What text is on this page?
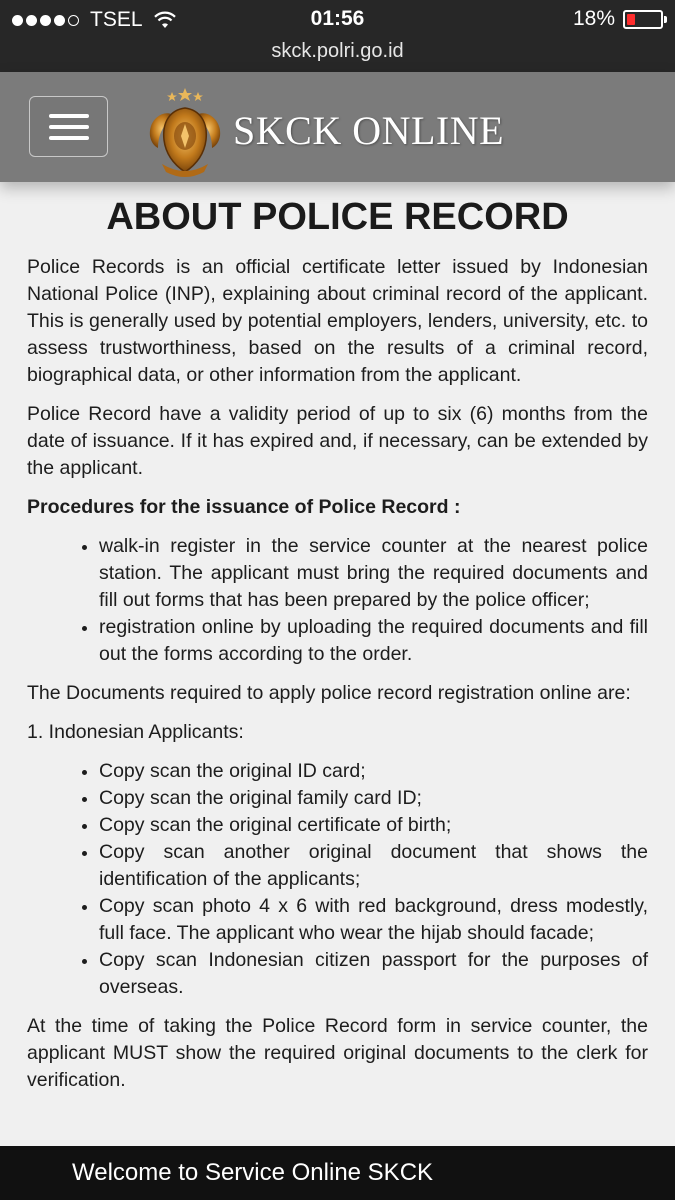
TSEL	01:56	18%
skck.polri.go.id
SKCK ONLINE
ABOUT POLICE RECORD

Police Records is an official certificate letter issued by Indonesian National Police (INP), explaining about criminal record of the applicant. This is generally used by potential employers, lenders, university, etc. to assess trustworthiness, based on the results of a criminal record, biographical data, or other information from the applicant.

Police Record have a validity period of up to six (6) months from the date of issuance. If it has expired and, if necessary, can be extended by the applicant.

Procedures for the issuance of Police Record :
• walk-in register in the service counter at the nearest police station. The applicant must bring the required documents and fill out forms that has been prepared by the police officer;
• registration online by uploading the required documents and fill out the forms according to the order.

The Documents required to apply police record registration online are:

1. Indonesian Applicants:

• Copy scan the original ID card;
• Copy scan the original family card ID;
• Copy scan the original certificate of birth;
• Copy scan another original document that shows the identification of the applicants;
• Copy scan photo 4 x 6 with red background, dress modestly, full face. The applicant who wear the hijab should facade;
• Copy scan Indonesian citizen passport for the purposes of overseas.

At the time of taking the Police Record form in service counter, the applicant MUST show the required original documents to the clerk for verification.

Welcome to Service Online SKCK
